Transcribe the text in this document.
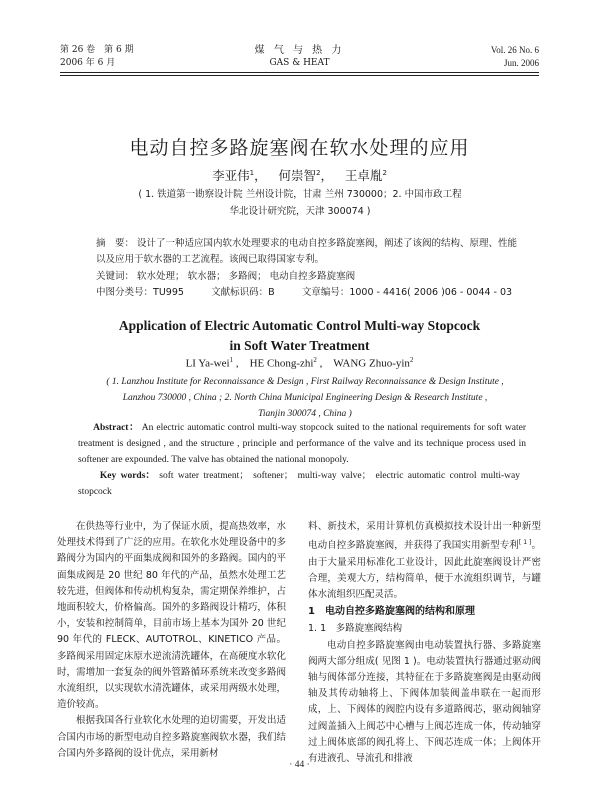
第 26 卷　第 6 期
2006 年 6 月
煤 气 与 热 力
GAS & HEAT
Vol. 26 No. 6
Jun. 2006
电动自控多路旋塞阀在软水处理的应用
李亚伟$^1$， 何崇智$^2$， 王卓胤$^2$
( 1. 铁道第一勘察设计院 兰州设计院，甘肃 兰州 730000；2. 中国市政工程
华北设计研究院，天津 300074 )
摘　要： 设计了一种适应国内软水处理要求的电动自控多路旋塞阀，阐述了该阀的结构、原理、性能以及应用于软水器的工艺流程。该阀已取得国家专利。
关键词： 软水处理； 软水器； 多路阀； 电动自控多路旋塞阀
中图分类号：TU995	文献标识码：B	文章编号：1000 - 4416( 2006 )06 - 0044 - 03
Application of Electric Automatic Control Multi-way Stopcock
in Soft Water Treatment
LI Ya-wei$^1$ ,    HE Chong-zhi$^2$ ,    WANG Zhuo-yin$^2$
( 1. Lanzhou Institute for Reconnaissance & Design , First Railway Reconnaissance & Design Institute ,
Lanzhou 730000 , China ; 2. North China Municipal Engineering Design & Research Institute ,
Tianjin 300074 , China )
Abstract： An electric automatic control multi-way stopcock suited to the national requirements for soft water treatment is designed , and the structure , principle and performance of the valve and its technique process used in softener are expounded. The valve has obtained the national monopoly.
Key words： soft water treatment； softener； multi-way valve； electric automatic control multi-way stopcock

在供热等行业中，为了保证水质，提高热效率，水处理技术得到了广泛的应用。在软化水处理设备中的多路阀分为国内的平面集成阀和国外的多路阀。国内的平面集成阀是 20 世纪 80 年代的产品，虽然水处理工艺较先进，但阀体和传动机构复杂，需定期保养维护，占地面积较大，价格偏高。国外的多路阀设计精巧，体积小，安装和控制简单，目前市场上基本为国外 20 世纪 90 年代的 FLECK、AUTOTROL、KINETICO 产品。多路阀采用固定床原水逆流清洗罐体，在高硬度水软化时，需增加一套复杂的阀外管路循环系统来改变多路阀水流组织，以实现软水清洗罐体，或采用两级水处理，造价较高。

根据我国各行业软化水处理的迫切需要，开发出适合国内市场的新型电动自控多路旋塞阀软水器，我们结合国内外多路阀的设计优点，采用新材

料、新技术，采用计算机仿真模拟技术设计出一种新型电动自控多路旋塞阀，并获得了我国实用新型专利[ 1 ]。由于大量采用标准化工业设计，因此此旋塞阀设计严密合理，美观大方，结构简单，便于水流组织调节，与罐体水流组织匹配灵活。

1　电动自控多路旋塞阀的结构和原理

1. 1　多路旋塞阀结构

电动自控多路旋塞阀由电动装置执行器、多路旋塞阀两大部分组成( 见图 1 )。电动装置执行器通过驱动阀轴与阀体部分连接，其特征在于多路旋塞阀是由驱动阀轴及其传动轴将上、下阀体加装阀盖串联在一起而形成，上、下阀体的阀腔内设有多道路阀芯，驱动阀轴穿过阀盖插入上阀芯中心槽与上阀芯连成一体，传动轴穿过上阀体底部的阀孔将上、下阀芯连成一体；上阀体开有进液孔、导流孔和排液

· 44 ·
